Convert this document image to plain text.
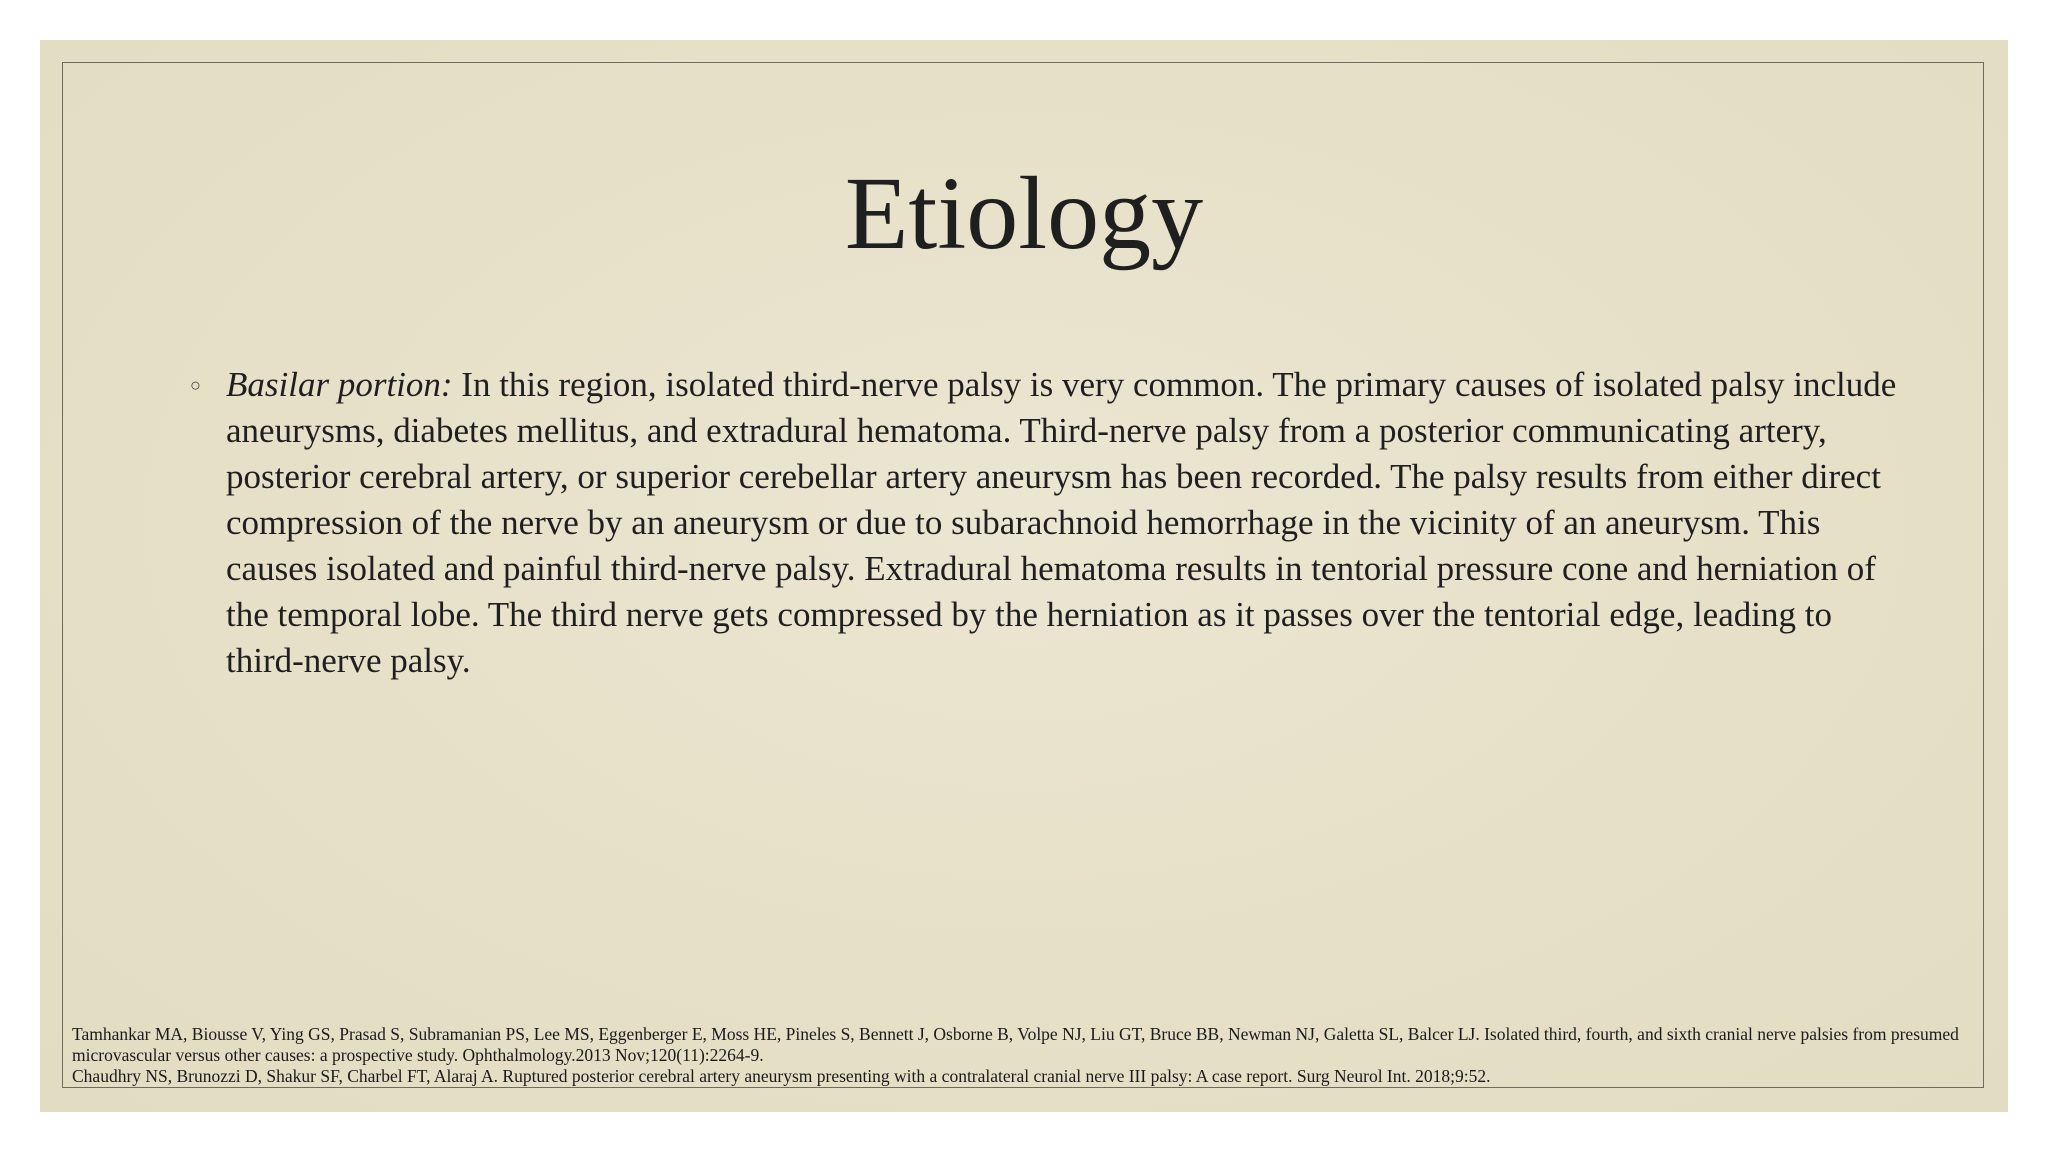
Etiology
○ Basilar portion: In this region, isolated third-nerve palsy is very common. The primary causes of isolated palsy include aneurysms, diabetes mellitus, and extradural hematoma. Third-nerve palsy from a posterior communicating artery, posterior cerebral artery, or superior cerebellar artery aneurysm has been recorded. The palsy results from either direct compression of the nerve by an aneurysm or due to subarachnoid hemorrhage in the vicinity of an aneurysm. This causes isolated and painful third-nerve palsy. Extradural hematoma results in tentorial pressure cone and herniation of the temporal lobe. The third nerve gets compressed by the herniation as it passes over the tentorial edge, leading to third-nerve palsy.
Tamhankar MA, Biousse V, Ying GS, Prasad S, Subramanian PS, Lee MS, Eggenberger E, Moss HE, Pineles S, Bennett J, Osborne B, Volpe NJ, Liu GT, Bruce BB, Newman NJ, Galetta SL, Balcer LJ. Isolated third, fourth, and sixth cranial nerve palsies from presumed microvascular versus other causes: a prospective study. Ophthalmology.2013 Nov;120(11):2264-9.
Chaudhry NS, Brunozzi D, Shakur SF, Charbel FT, Alaraj A. Ruptured posterior cerebral artery aneurysm presenting with a contralateral cranial nerve III palsy: A case report. Surg Neurol Int. 2018;9:52.
